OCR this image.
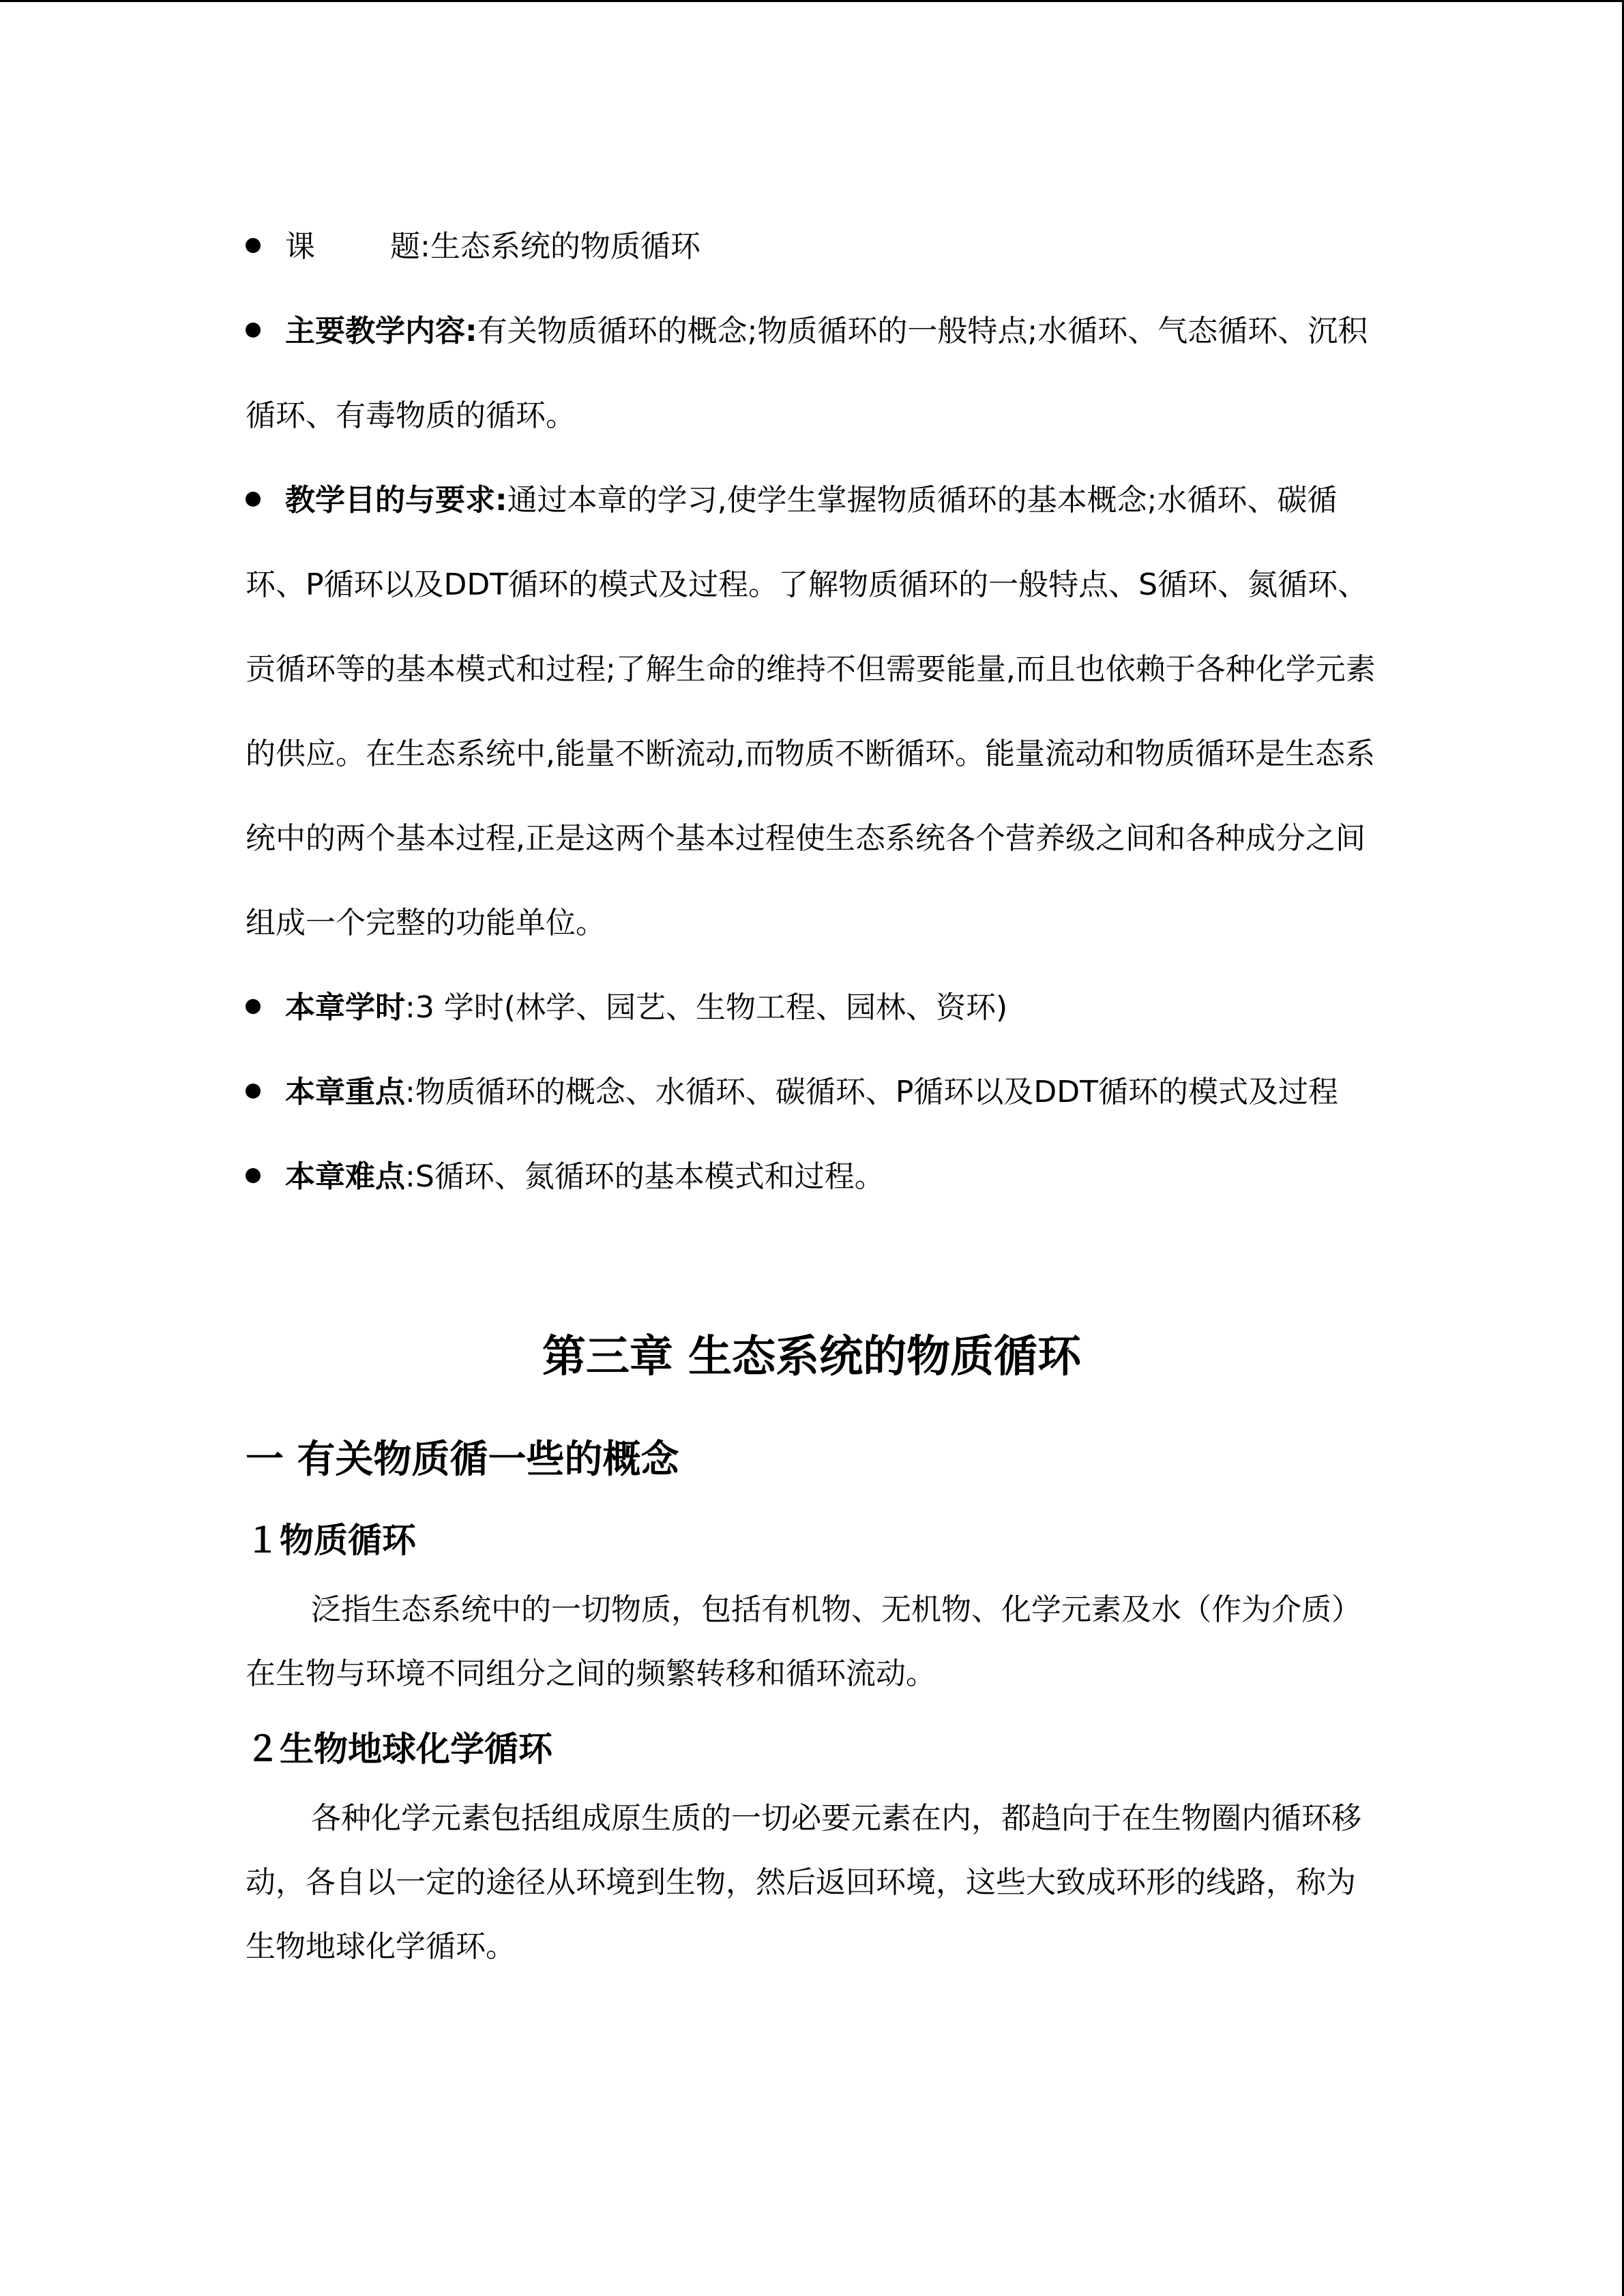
课	题:生态系统的物质循环

主要教学内容:有关物质循环的概念;物质循环的一般特点;水循环、气态循环、沉积循环、有毒物质的循环。

教学目的与要求:通过本章的学习,使学生掌握物质循环的基本概念;水循环、碳循环、P循环以及DDT循环的模式及过程。了解物质循环的一般特点、S循环、氮循环、贡循环等的基本模式和过程;了解生命的维持不但需要能量,而且也依赖于各种化学元素的供应。在生态系统中,能量不断流动,而物质不断循环。能量流动和物质循环是生态系统中的两个基本过程,正是这两个基本过程使生态系统各个营养级之间和各种成分之间组成一个完整的功能单位。

本章学时:3 学时(林学、园艺、生物工程、园林、资环)

本章重点:物质循环的概念、水循环、碳循环、P循环以及DDT循环的模式及过程

本章难点:S循环、氮循环的基本模式和过程。

第三章 生态系统的物质循环
一 有关物质循一些的概念
１物质循环

泛指生态系统中的一切物质，包括有机物、无机物、化学元素及水（作为介质）在生物与环境不同组分之间的频繁转移和循环流动。

２生物地球化学循环

各种化学元素包括组成原生质的一切必要元素在内，都趋向于在生物圈内循环移动，各自以一定的途径从环境到生物，然后返回环境，这些大致成环形的线路，称为生物地球化学循环。
